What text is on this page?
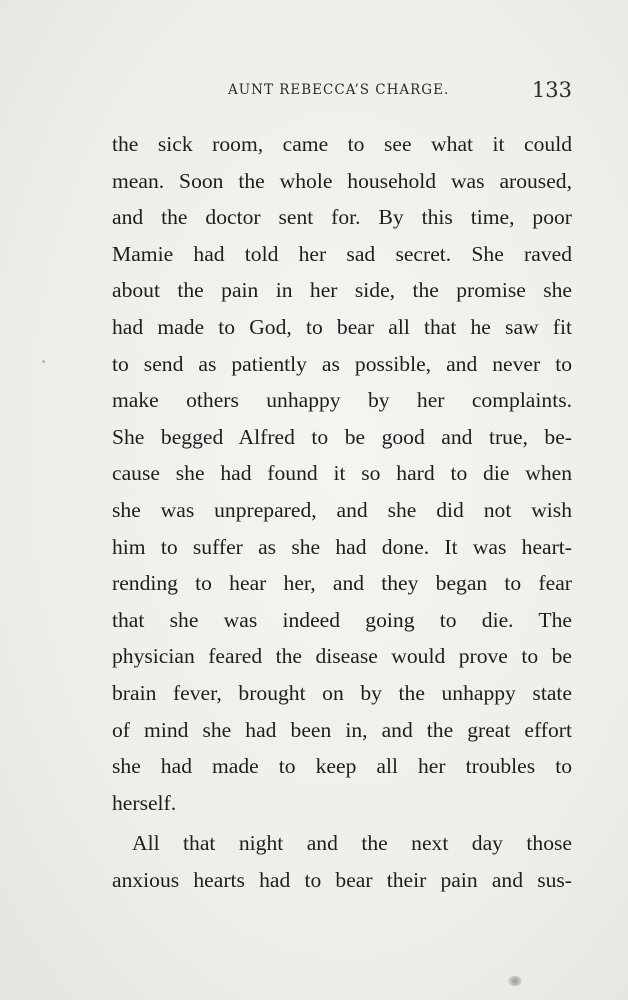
AUNT REBECCA’S CHARGE.	133
the sick room, came to see what it could
mean. Soon the whole household was aroused,
and the doctor sent for. By this time, poor
Mamie had told her sad secret. She raved
about the pain in her side, the promise she
had made to God, to bear all that he saw fit
to send as patiently as possible, and never to
make others unhappy by her complaints.
She begged Alfred to be good and true, be-
cause she had found it so hard to die when
she was unprepared, and she did not wish
him to suffer as she had done. It was heart-
rending to hear her, and they began to fear
that she was indeed going to die. The
physician feared the disease would prove to be
brain fever, brought on by the unhappy state
of mind she had been in, and the great effort
she had made to keep all her troubles to
herself.
All that night and the next day those
anxious hearts had to bear their pain and sus-
